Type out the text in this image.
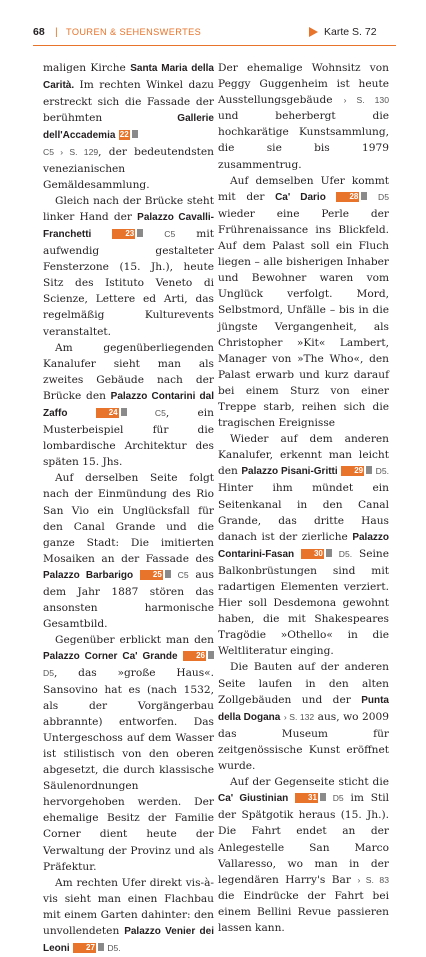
68 | TOUREN & SEHENSWERTES	Karte S. 72

maligen Kirche Santa Maria della Carità. Im rechten Winkel dazu erstreckt sich die Fassade der berühmten Gallerie dell'Accademia 22
C5 › S. 129, der bedeutendsten venezianischen Gemäldesammlung.

Gleich nach der Brücke steht linker Hand der Palazzo Cavalli-Franchetti	23	C5 mit aufwendig gestalteter Fensterzone (15. Jh.), heute Sitz des Istituto Veneto di Scienze, Lettere ed Arti, das regelmäßig Kulturevents veranstaltet.

Am gegenüberliegenden Kanalufer sieht man als zweites Gebäude nach der Brücke den Palazzo Contarini dal Zaffo	24	C5, ein Musterbeispiel für die lombardische Architektur des späten 15. Jhs.

Auf derselben Seite folgt nach der Einmündung des Rio San Vio ein Unglücksfall für den Canal Grande und die ganze Stadt: Die imitierten Mosaiken an der Fassade des Palazzo Barbarigo 25 C5 aus dem Jahr 1887 stören das ansonsten harmonische Gesamtbild.

Gegenüber erblickt man den Palazzo Corner Ca' Grande 26 D5, das »große Haus«. Sansovino hat es (nach 1532, als der Vorgängerbau abbrannte) entworfen. Das Untergeschoss auf dem Wasser ist stilistisch von den oberen abgesetzt, die durch klassische Säulenordnungen hervorgehoben werden. Der ehemalige Besitz der Familie Corner dient heute der Verwaltung der Provinz und als Präfektur.

Am rechten Ufer direkt vis-à-vis sieht man einen Flachbau mit einem Garten dahinter: den unvollendeten Palazzo Venier dei Leoni 27 D5.

Der ehemalige Wohnsitz von Peggy Guggenheim ist heute Ausstellungsgebäude › S. 130 und beherbergt die hochkarätige Kunstsammlung, die sie bis 1979 zusammentrug.

Auf demselben Ufer kommt mit der Ca' Dario	28 D5 wieder eine Perle der Frührenaissance ins Blickfeld. Auf dem Palast soll ein Fluch liegen – alle bisherigen Inhaber und Bewohner waren vom Unglück verfolgt. Mord, Selbstmord, Unfälle – bis in die jüngste Vergangenheit, als Christopher »Kit« Lambert, Manager von »The Who«, den Palast erwarb und kurz darauf bei einem Sturz von einer Treppe starb, reihen sich die tragischen Ereignisse

Wieder auf dem anderen Kanalufer, erkennt man leicht den Palazzo Pisani-Gritti 29 D5. Hinter ihm mündet ein Seitenkanal in den Canal Grande, das dritte Haus danach ist der zierliche Palazzo Contarini-Fasan 30 D5. Seine Balkonbrüstungen sind mit radartigen Elementen verziert. Hier soll Desdemona gewohnt haben, die mit Shakespeares Tragödie »Othello« in die Weltliteratur einging.

Die Bauten auf der anderen Seite laufen in den alten Zollgebäuden und der Punta della Dogana › S. 132 aus, wo 2009 das Museum für zeitgenössische Kunst eröffnet wurde.

Auf der Gegenseite sticht die Ca' Giustinian 31 D5 im Stil der Spätgotik heraus (15. Jh.). Die Fahrt endet an der Anlegestelle San Marco Vallaresso, wo man in der legendären Harry's Bar › S. 83 die Eindrücke der Fahrt bei einem Bellini Revue passieren lassen kann.
